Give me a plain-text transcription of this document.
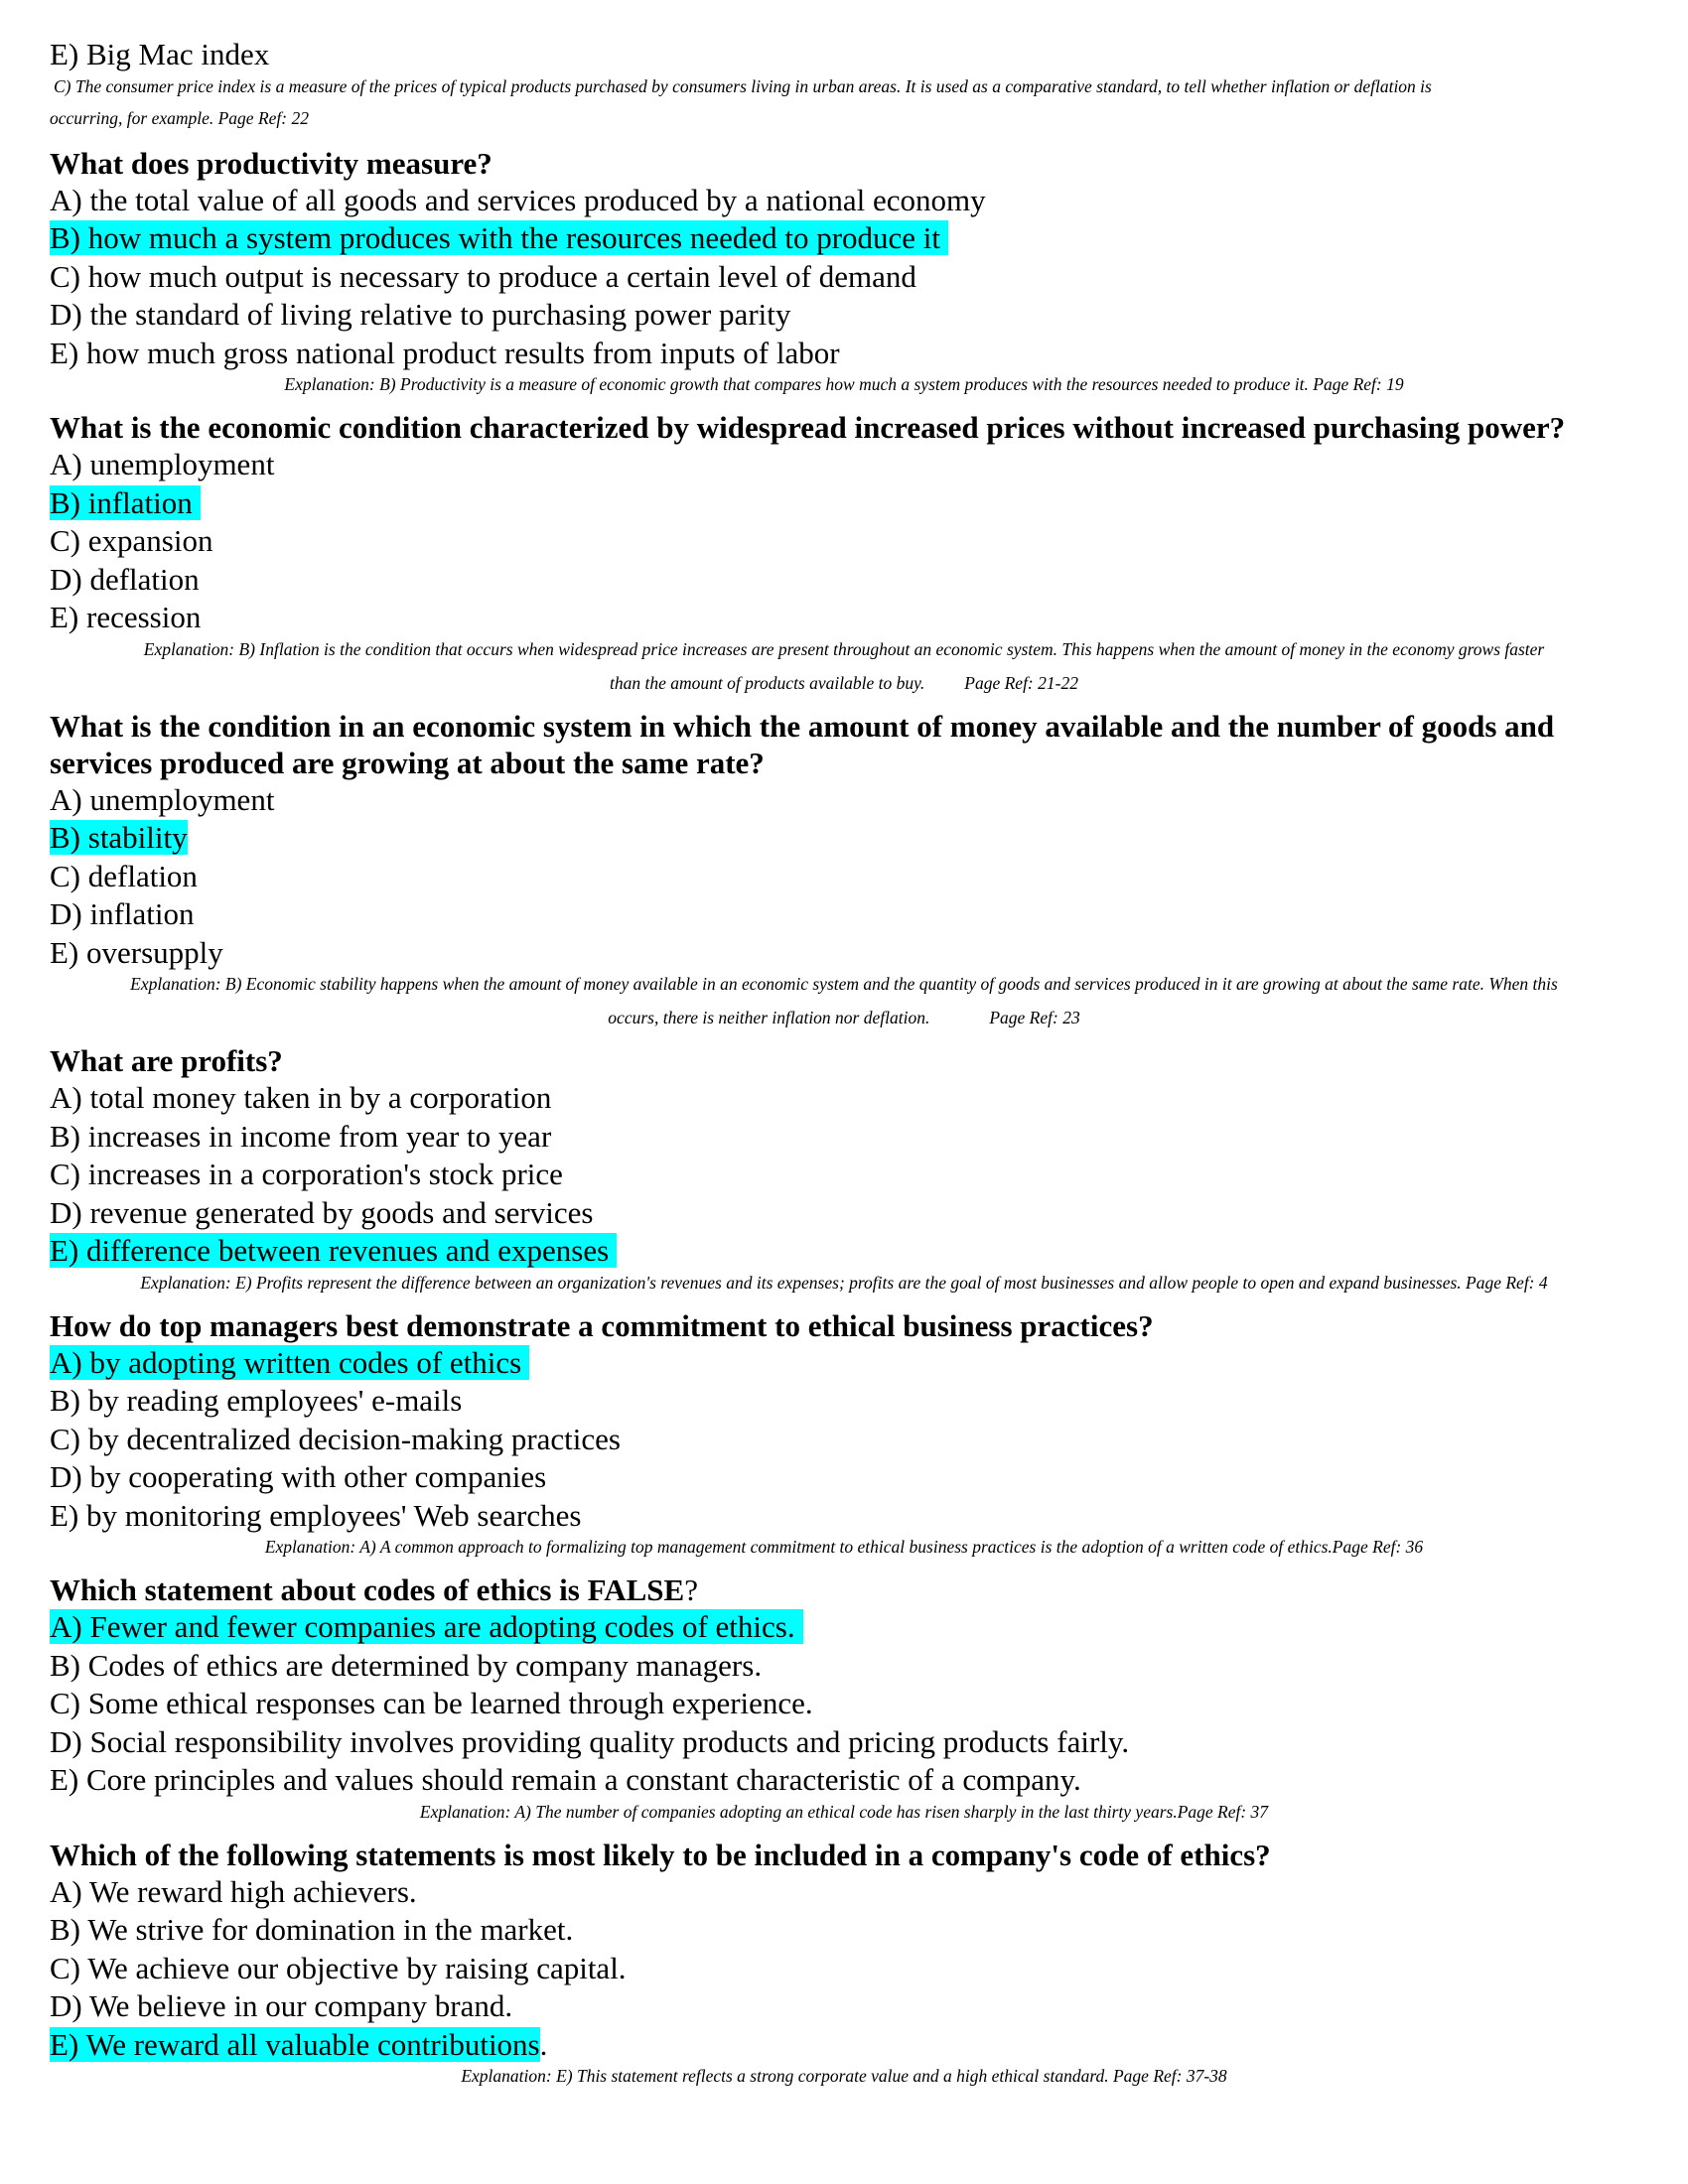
E) Big Mac index
C) The consumer price index is a measure of the prices of typical products purchased by consumers living in urban areas. It is used as a comparative standard, to tell whether inflation or deflation is
occurring, for example. Page Ref: 22
What does productivity measure?
A) the total value of all goods and services produced by a national economy
B) how much a system produces with the resources needed to produce it
C) how much output is necessary to produce a certain level of demand
D) the standard of living relative to purchasing power parity
E) how much gross national product results from inputs of labor
Explanation: B) Productivity is a measure of economic growth that compares how much a system produces with the resources needed to produce it. Page Ref: 19
What is the economic condition characterized by widespread increased prices without increased purchasing power?
A) unemployment
B) inflation
C) expansion
D) deflation
E) recession
Explanation: B) Inflation is the condition that occurs when widespread price increases are present throughout an economic system. This happens when the amount of money in the economy grows faster
than the amount of products available to buy. Page Ref: 21-22
What is the condition in an economic system in which the amount of money available and the number of goods and services produced are growing at about the same rate?
A) unemployment
B) stability
C) deflation
D) inflation
E) oversupply
Explanation: B) Economic stability happens when the amount of money available in an economic system and the quantity of goods and services produced in it are growing at about the same rate. When this
occurs, there is neither inflation nor deflation.	Page Ref: 23
What are profits?
A) total money taken in by a corporation
B) increases in income from year to year
C) increases in a corporation's stock price
D) revenue generated by goods and services
E) difference between revenues and expenses
Explanation: E) Profits represent the difference between an organization's revenues and its expenses; profits are the goal of most businesses and allow people to open and expand businesses. Page Ref: 4
How do top managers best demonstrate a commitment to ethical business practices?
A) by adopting written codes of ethics
B) by reading employees' e-mails
C) by decentralized decision-making practices
D) by cooperating with other companies
E) by monitoring employees' Web searches
Explanation: A) A common approach to formalizing top management commitment to ethical business practices is the adoption of a written code of ethics.Page Ref: 36
Which statement about codes of ethics is FALSE?
A) Fewer and fewer companies are adopting codes of ethics.
B) Codes of ethics are determined by company managers.
C) Some ethical responses can be learned through experience.
D) Social responsibility involves providing quality products and pricing products fairly.
E) Core principles and values should remain a constant characteristic of a company.
Explanation: A) The number of companies adopting an ethical code has risen sharply in the last thirty years.Page Ref: 37
Which of the following statements is most likely to be included in a company's code of ethics?
A) We reward high achievers.
B) We strive for domination in the market.
C) We achieve our objective by raising capital.
D) We believe in our company brand.
E) We reward all valuable contributions.
Explanation: E) This statement reflects a strong corporate value and a high ethical standard. Page Ref: 37-38
